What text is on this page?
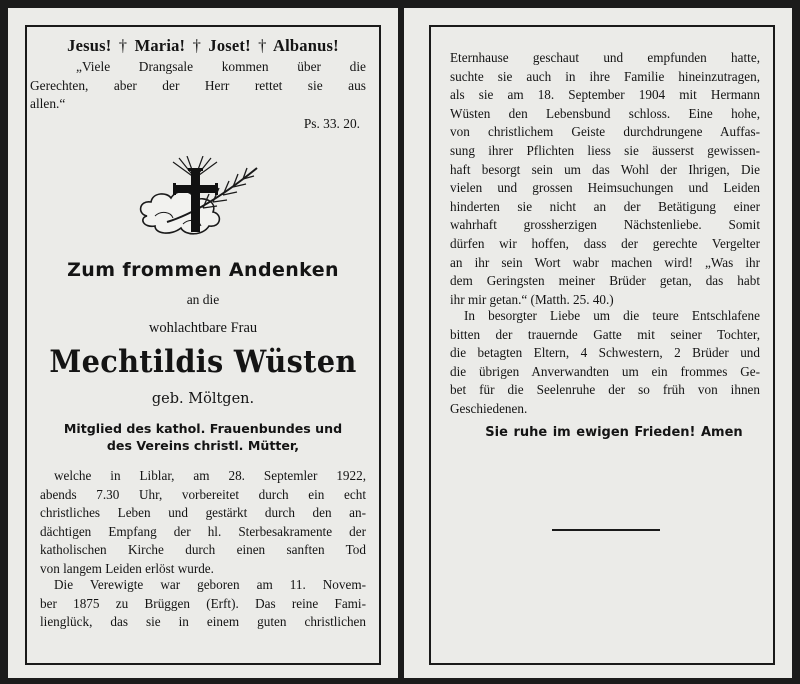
Jesus! † Maria! † Joset! † Albanus!
„Viele Drangsale kommen über die
Gerechten, aber der Herr rettet sie aus
allen.“
Ps. 33. 20.
Zum frommen Andenken
an die
wohlachtbare Frau
Mechtildis Wüsten
geb. Möltgen.
Mitglied des kathol. Frauenbundes und
des Vereins christl. Mütter,
welche in Liblar, am 28. Septemler 1922,
abends 7.30 Uhr, vorbereitet durch ein echt
christliches Leben und gestärkt durch den an-
dächtigen Empfang der hl. Sterbesakramente der
katholischen Kirche durch einen sanften Tod
von langem Leiden erlöst wurde.
Die Verewigte war geboren am 11. Novem-
ber 1875 zu Brüggen (Erft). Das reine Fami-
lienglück, das sie in einem guten christlichen
Eternhause geschaut und empfunden hatte,
suchte sie auch in ihre Familie hineinzutragen,
als sie am 18. September 1904 mit Hermann
Wüsten den Lebensbund schloss. Eine hohe,
von christlichem Geiste durchdrungene Auffas-
sung ihrer Pflichten liess sie äusserst gewissen-
haft besorgt sein um das Wohl der Ihrigen, Die
vielen und grossen Heimsuchungen und Leiden
hinderten sie nicht an der Betätigung einer
wahrhaft grossherzigen Nächstenliebe. Somit
dürfen wir hoffen, dass der gerechte Vergelter
an ihr sein Wort wabr machen wird! „Was ihr
dem Geringsten meiner Brüder getan, das habt
ihr mir getan.“ (Matth. 25. 40.)
In besorgter Liebe um die teure Entschlafene
bitten der trauernde Gatte mit seiner Tochter,
die betagten Eltern, 4 Schwestern, 2 Brüder und
die übrigen Anverwandten um ein frommes Ge-
bet für die Seelenruhe der so früh von ihnen
Geschiedenen.
Sie ruhe im ewigen Frieden! Amen
